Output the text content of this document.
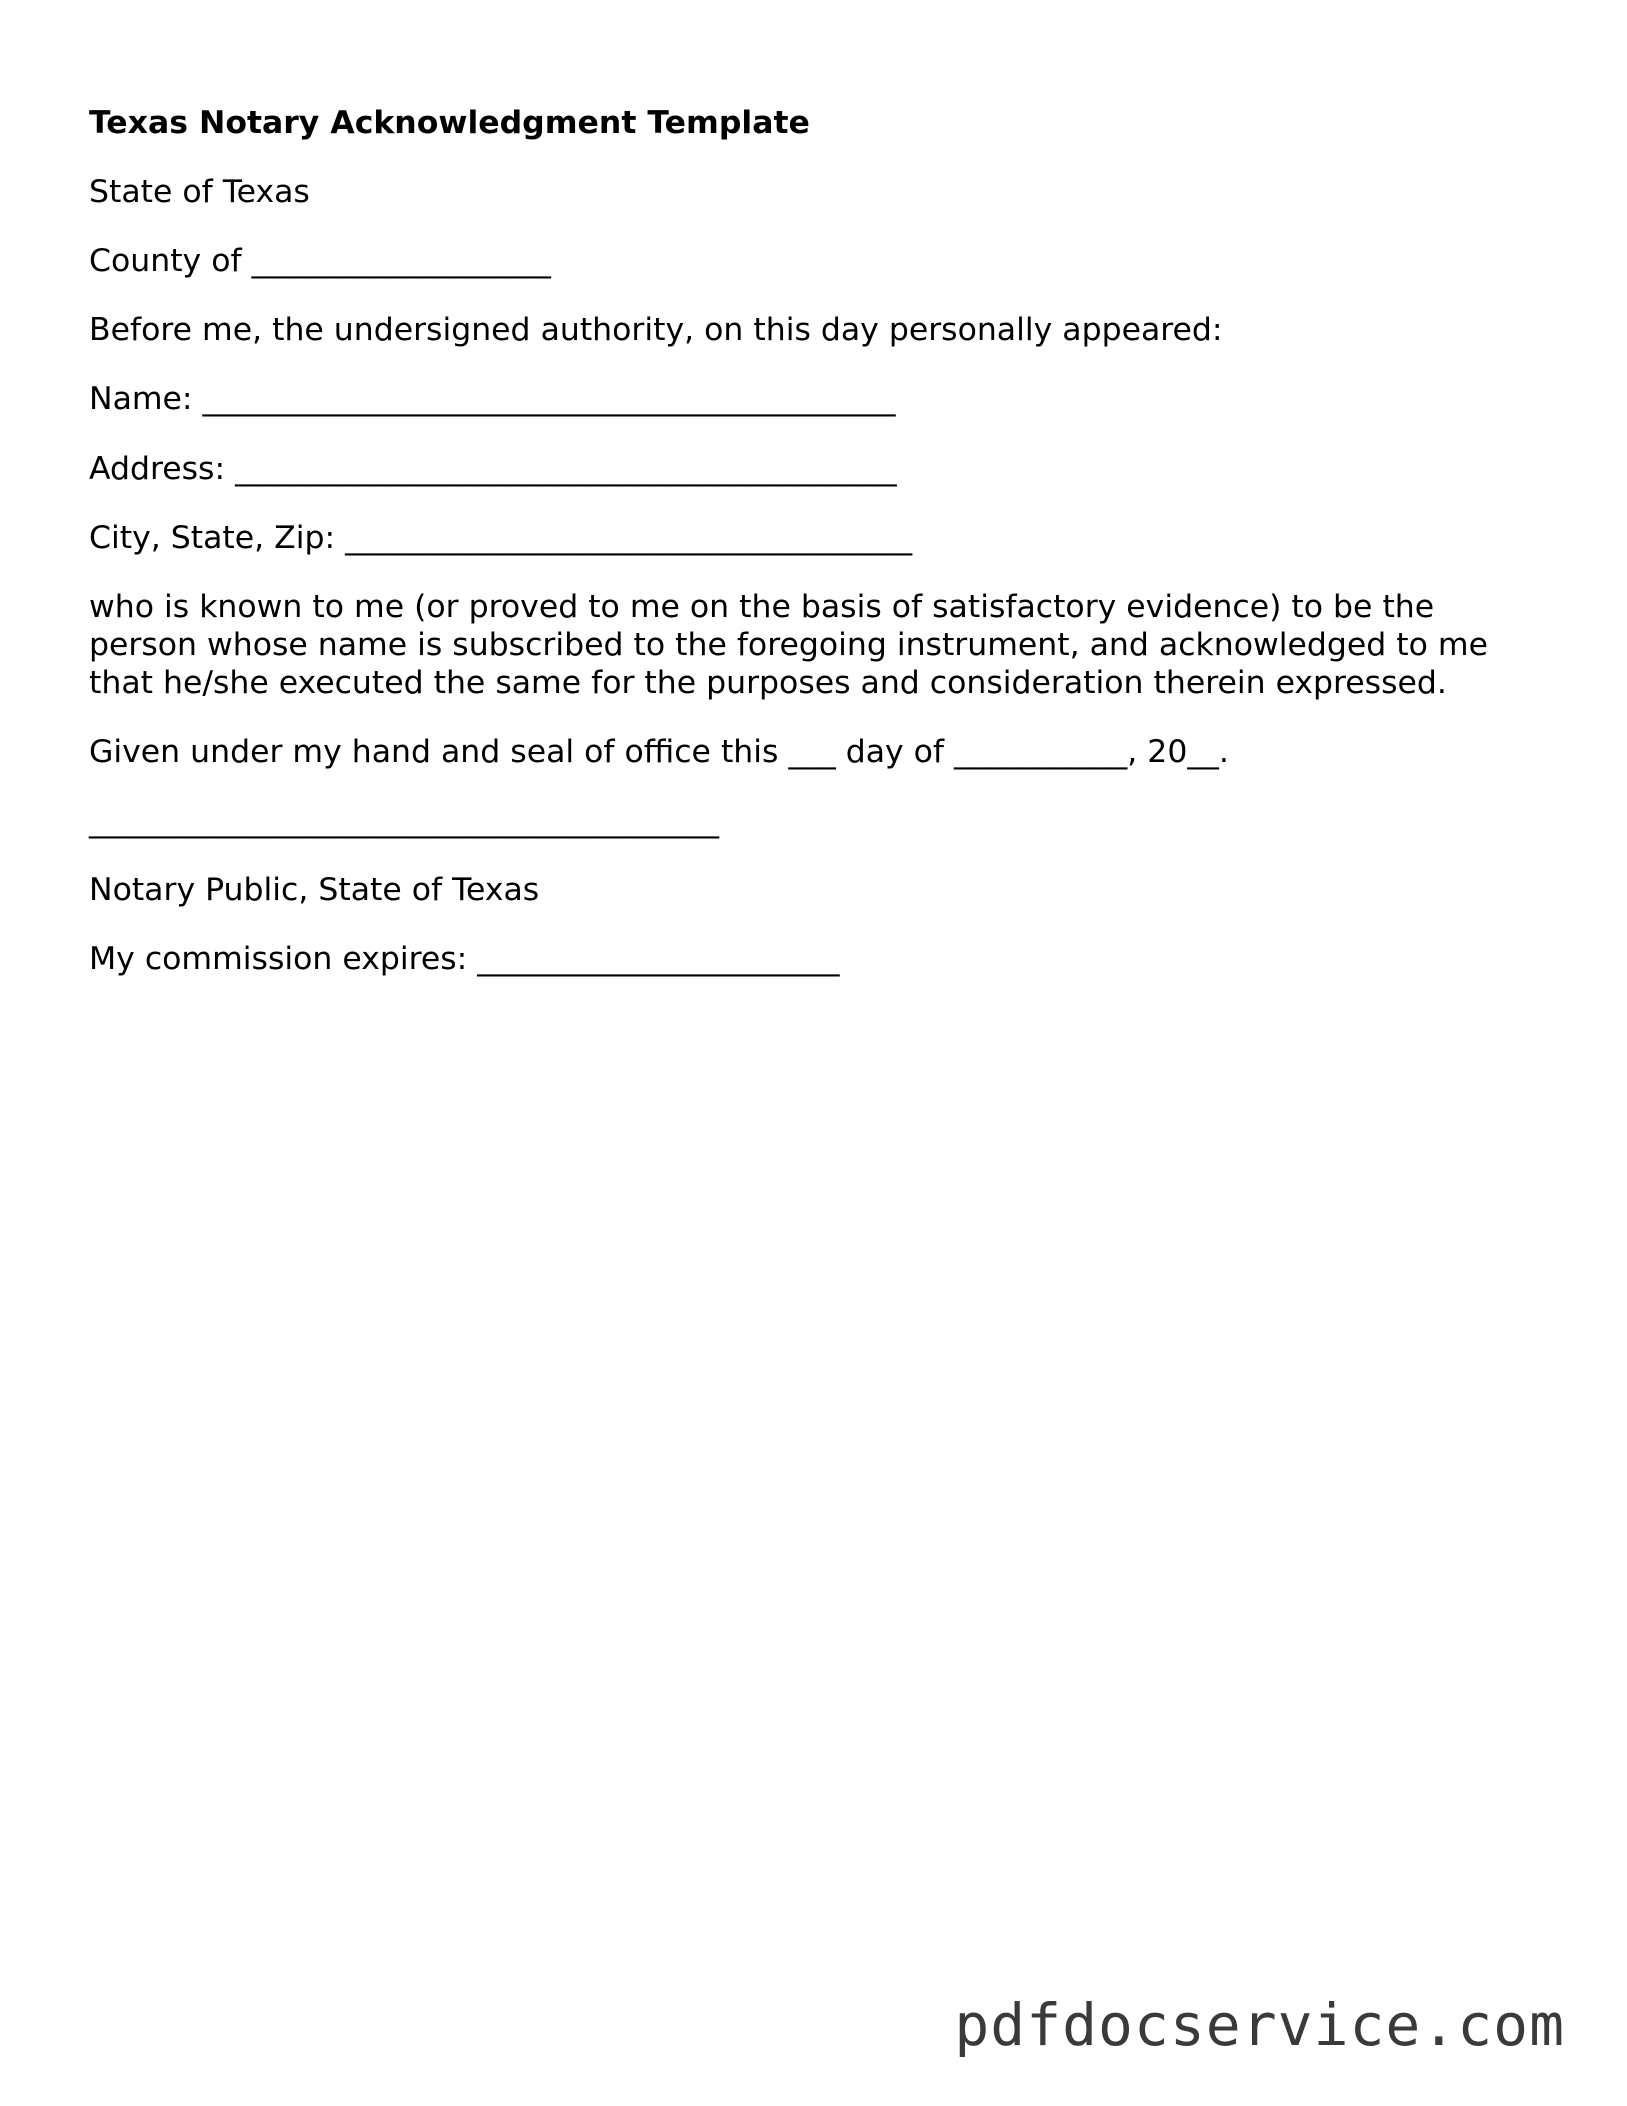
Texas Notary Acknowledgment Template
State of Texas
County of ___________________
Before me, the undersigned authority, on this day personally appeared:
Name: ____________________________________________
Address: __________________________________________
City, State, Zip: ____________________________________
who is known to me (or proved to me on the basis of satisfactory evidence) to be the
person whose name is subscribed to the foregoing instrument, and acknowledged to me
that he/she executed the same for the purposes and consideration therein expressed.
Given under my hand and seal of office this ___ day of ___________, 20__.
________________________________________
Notary Public, State of Texas
My commission expires: _______________________
pdfdocservice.com
